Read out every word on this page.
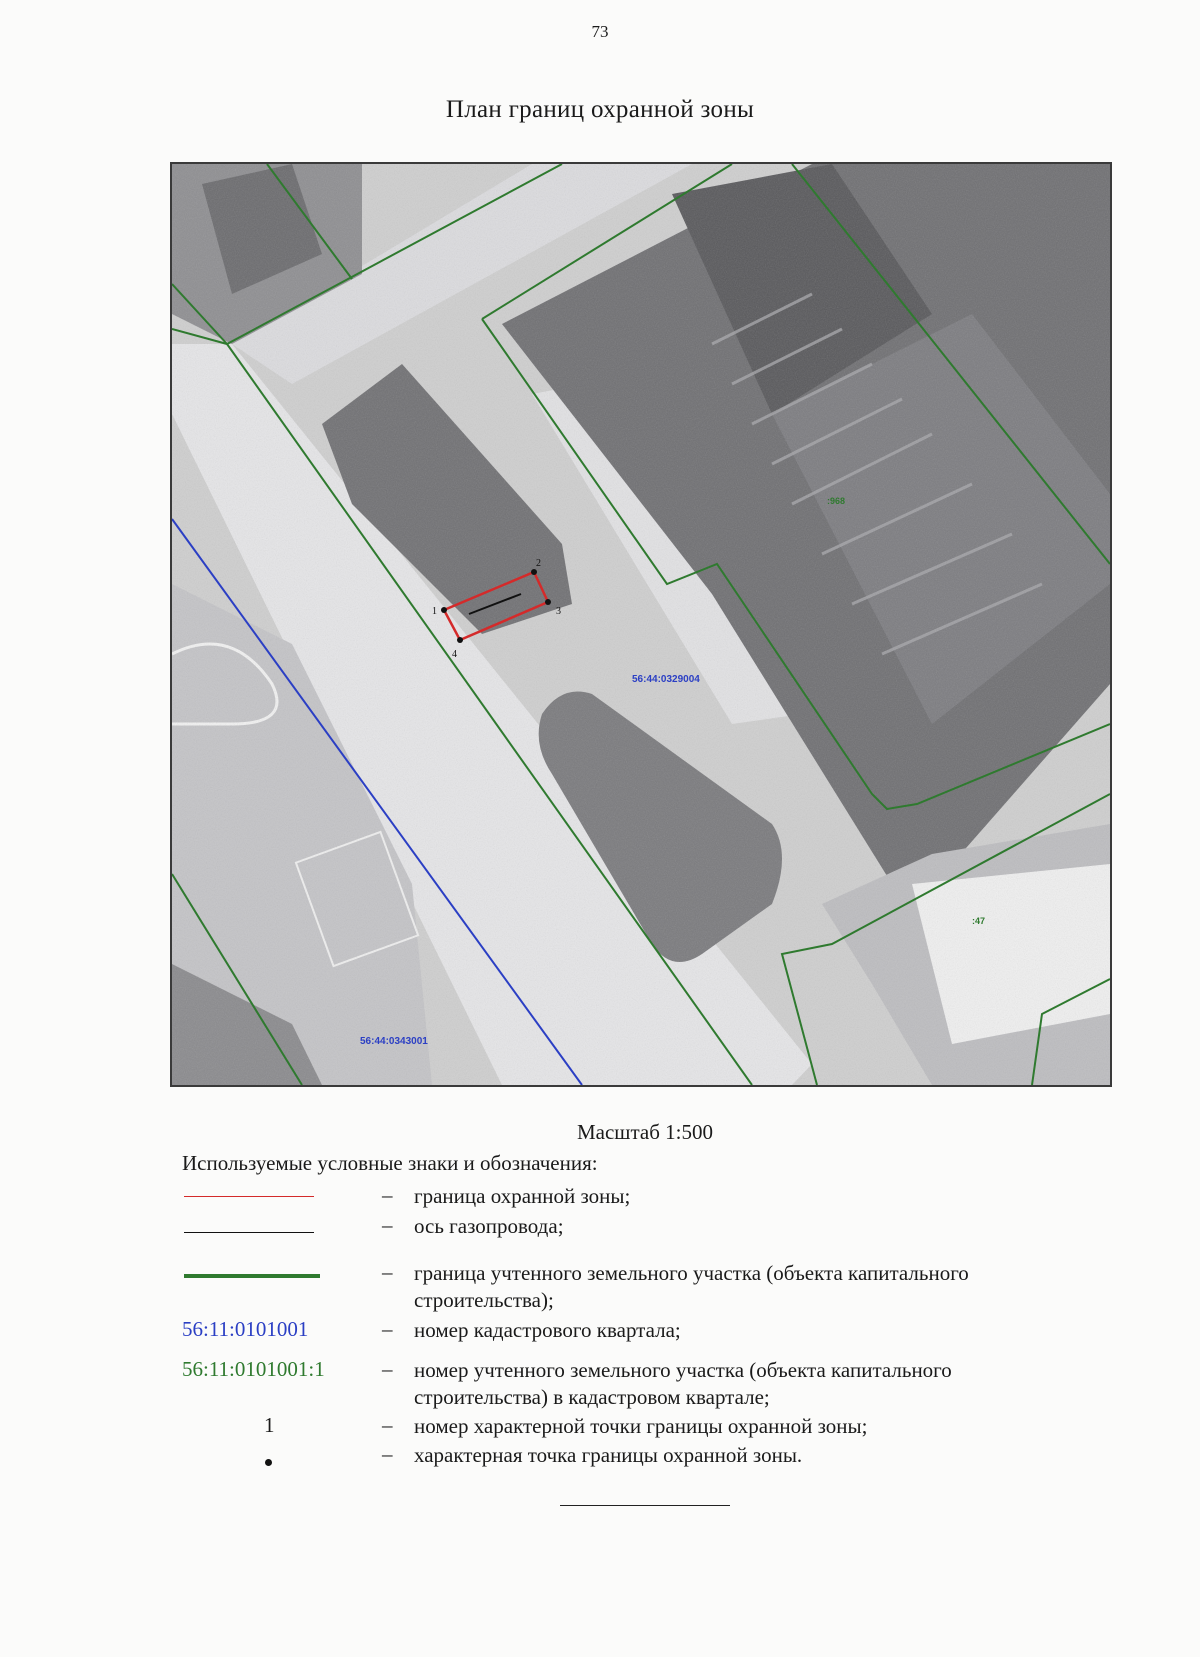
73
План границ охранной зоны
1
2
3
4
56:44:0329004
56:44:0343001
:968
:47
Масштаб 1:500
Используемые условные знаки и обозначения:
– граница охранной зоны;
– ось газопровода;
– граница учтенного земельного участка (объекта капитального строительства);
56:11:0101001	– номер кадастрового квартала;
56:11:0101001:1	– номер учтенного земельного участка (объекта капитального строительства) в кадастровом квартале;
1	– номер характерной точки границы охранной зоны;
– характерная точка границы охранной зоны.
